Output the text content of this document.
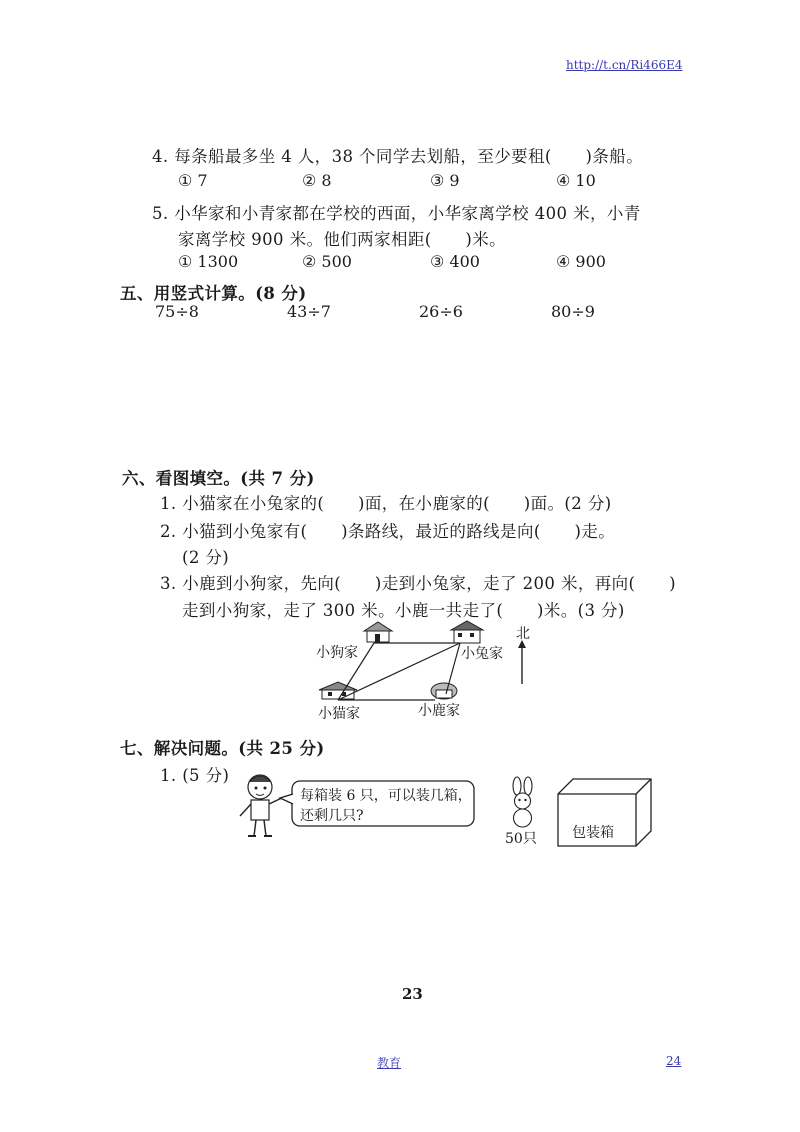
http://t.cn/Ri466E4
4. 每条船最多坐 4 人，38 个同学去划船，至少要租(　　)条船。
① 7	② 8	③ 9	④ 10
5. 小华家和小青家都在学校的西面，小华家离学校 400 米，小青
家离学校 900 米。他们两家相距(　　)米。
① 1300	② 500	③ 400	④ 900
五、用竖式计算。(8 分)
75÷8	43÷7	26÷6	80÷9
六、看图填空。(共 7 分)
1. 小猫家在小兔家的(　　)面，在小鹿家的(　　)面。(2 分)
2. 小猫到小兔家有(　　)条路线，最近的路线是向(　　)走。
(2 分)
3. 小鹿到小狗家，先向(　　)走到小兔家，走了 200 米，再向(　　)
走到小狗家，走了 300 米。小鹿一共走了(　　)米。(3 分)
小狗家	小兔家
小猫家	小鹿家
北
七、解决问题。(共 25 分)
1. (5 分)
每箱装 6 只，可以装几箱，
还剩几只?
50只	包装箱
23
教育	24
